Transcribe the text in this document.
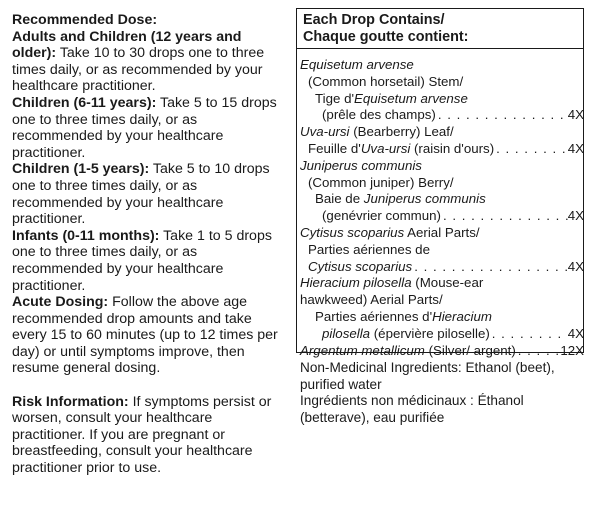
Recommended Dose:

Adults and Children (12 years and older): Take 10 to 30 drops one to three times daily, or as recommended by your healthcare practitioner.

Children (6-11 years): Take 5 to 15 drops one to three times daily, or as recommended by your healthcare practitioner.

Children (1-5 years): Take 5 to 10 drops one to three times daily, or as recommended by your healthcare practitioner.

Infants (0-11 months): Take 1 to 5 drops one to three times daily, or as recommended by your healthcare practitioner.

Acute Dosing: Follow the above age recommended drop amounts and take every 15 to 60 minutes (up to 12 times per day) or until symptoms improve, then resume general dosing.

Risk Information: If symptoms persist or worsen, consult your healthcare practitioner. If you are pregnant or breastfeeding, consult your healthcare practitioner prior to use.

Each Drop Contains/
Chaque goutte contient:
Equisetum arvense
(Common horsetail) Stem/
Tige d'Equisetum arvense
(prêle des champs) . . .	4X
Uva-ursi (Bearberry) Leaf/
Feuille d'Uva-ursi (raisin d'ours) . . .	4X
Juniperus communis
(Common juniper) Berry/
Baie de Juniperus communis
(genévrier commun) . . .	4X
Cytisus scoparius Aerial Parts/
Parties aériennes de
Cytisus scoparius . . .	4X
Hieracium pilosella (Mouse-ear
hawkweed) Aerial Parts/
Parties aériennes d'Hieracium
pilosella (épervière piloselle) . . .	4X
Argentum metallicum (Silver/ argent) . . .	12X

Non-Medicinal Ingredients: Ethanol (beet), purified water

Ingrédients non médicinaux : Éthanol (betterave), eau purifiée
